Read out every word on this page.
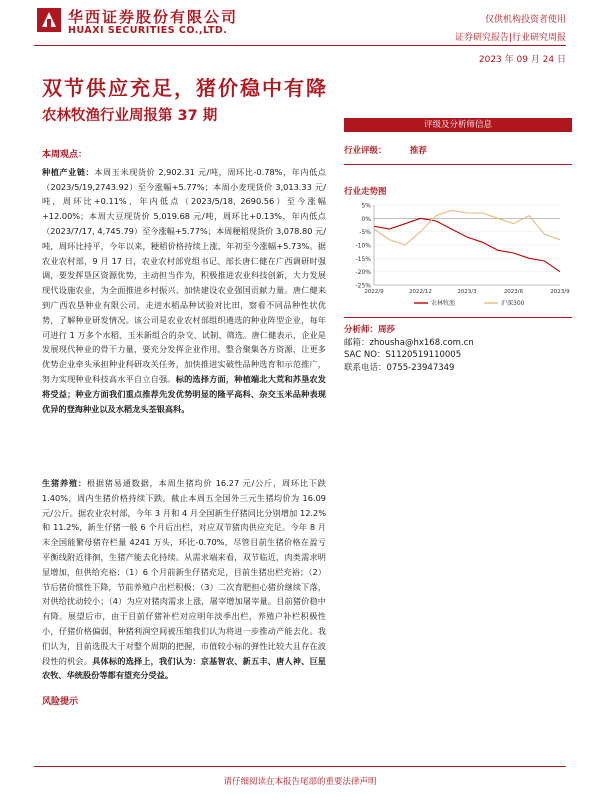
华西证券股份有限公司
HUAXI SECURITIES CO.,LTD.
仅供机构投资者使用
证券研究报告|行业研究周报
2023 年 09 月 24 日
双节供应充足，猪价稳中有降
农林牧渔行业周报第 37 期
本周观点：
种植产业链：本周玉米现货价 2,902.31 元/吨，周环比-0.78%，年内低点（2023/5/19,2743.92）至今涨幅+5.77%；本周小麦现货价 3,013.33 元/吨，周环比+0.11%，年内低点（2023/5/18, 2690.56）至今涨幅+12.00%；本周大豆现货价 5,019.68 元/吨，周环比+0.13%，年内低点（2023/7/17, 4,745.79）至今涨幅+5.77%；本周粳稻现货价 3,078.80 元/吨，周环比持平，今年以来，粳稻价格持续上涨，年初至今涨幅+5.73%。据农业农村部，9 月 17 日，农业农村部党组书记、部长唐仁健在广西调研时强调，要发挥垦区资源优势，主动担当作为，积极推进农业科技创新，大力发展现代设施农业，为全面推进乡村振兴、加快建设农业强国贡献力量。唐仁健来到广西农垦种业有限公司，走进水稻品种试验对比田，察看不同品种性状优势，了解种业研发情况。该公司是农业农村部组织遴选的种业阵型企业，每年可进行 1 万多个水稻、玉米新组合的杂交、试制、筛选。唐仁健表示，企业是发展现代种业的骨干力量，要充分发挥企业作用，整合聚集各方资源，让更多优势企业牵头承担种业科研攻关任务，加快推进实破性品种选育和示范推广，努力实现种业科技高水平自立自强。标的选择方面，种植端北大荒和苏垦农发将受益；种业方面我们重点推荐先发优势明显的隆平高科、杂交玉米品种表现优异的登海种业以及水稻龙头荃银高科。
生猪养殖：根据猪易通数据，本周生猪均价 16.27 元/公斤，周环比下跌 1.40%，周内生猪价格持续下跌，截止本周五全国外三元生猪均价为 16.09 元/公斤。据农业农村部，今年 3 月和 4 月全国新生仔猪同比分别增加 12.2%和 11.2%，新生仔猪一般 6 个月后出栏，对应双节猪肉供应充足。今年 8 月末全国能繁母猪存栏量 4241 万头，环比-0.70%，尽管目前生猪价格在盈亏平衡线附近徘徊，生猪产能去化持续。从需求端来看，双节临近，肉类需求明显增加，但供给充裕：（1）6 个月前新生仔猪充足，目前生猪出栏充裕；（2）节后猪价惯性下降，节前养殖户出栏积极；（3）二次育肥担心猪价继续下落，对供给扰动较小；（4）为应对猪肉需求上涨，屠宰增加屠宰量。目前猪价稳中有降。展望后市，由于目前仔猪补栏对应明年淡季出栏，养殖户补栏积极性小，仔猪价格偏弱，种猪利润空间被压缩我们认为将进一步推动产能去化。我们认为，目前选股大于对整个周期的把握，市值较小标的弹性比较大且存在波段性的机会。具体标的选择上，我们认为：京基智农、新五丰、唐人神、巨星农牧、华统股份等都有望充分受益。
风险提示
评级及分析师信息
行业评级：	推荐
行业走势图
5%
0%
-5%
-10%
-15%
-20%
-25%
2022/9	2022/12	2023/3	2023/6	2023/9
农林牧渔	沪深300
分析师：周莎
邮箱：zhousha@hx168.com.cn
SAC NO：S1120519110005
联系电话：0755-23947349
请仔细阅读在本报告尾部的重要法律声明
